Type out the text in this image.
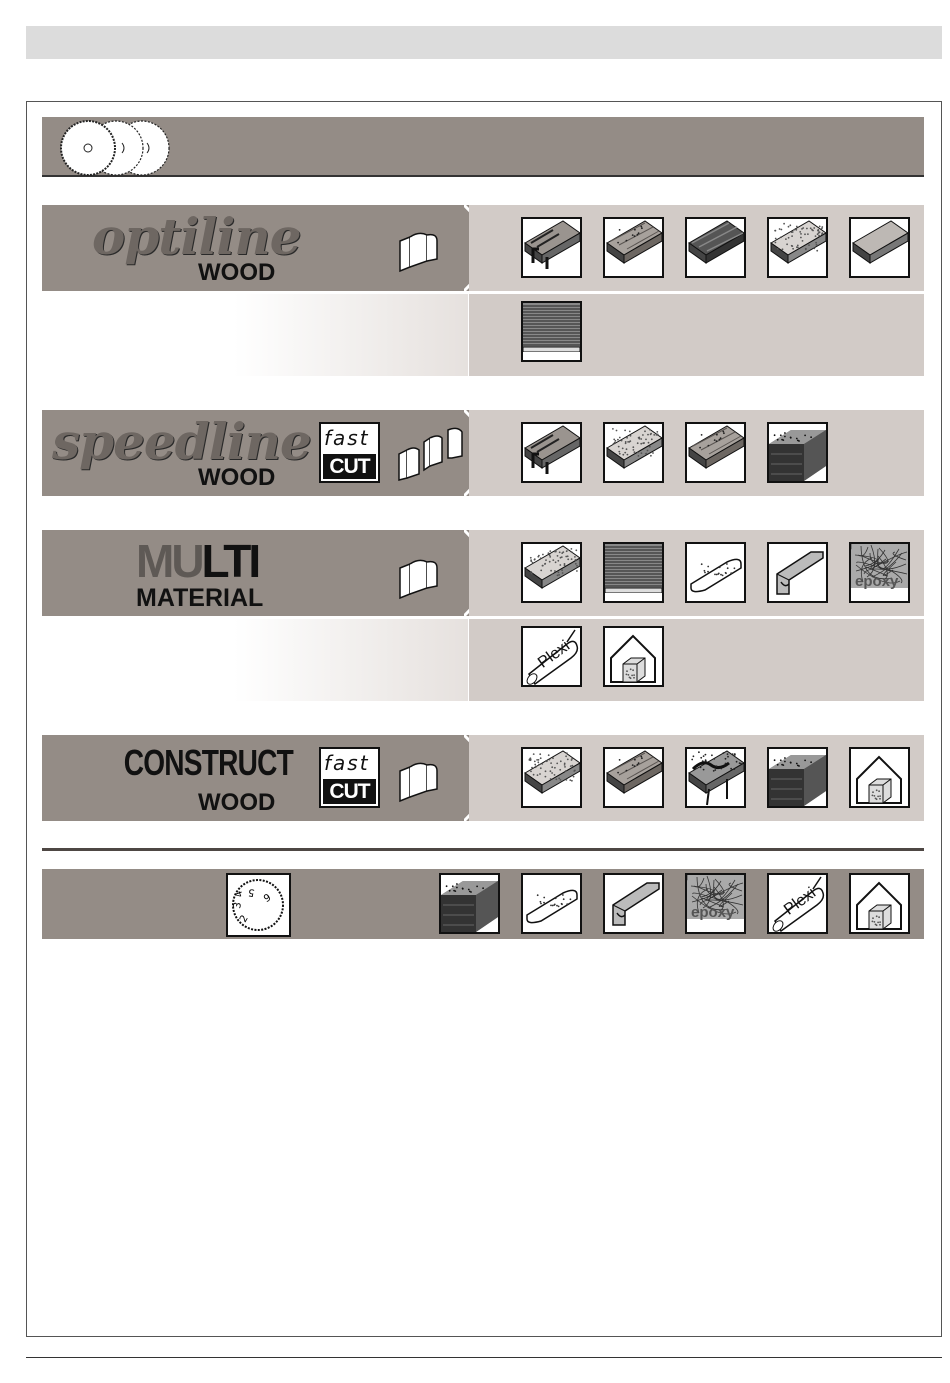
optiline
WOOD
speedline
WOOD
fast
CUT
MULTI
MATERIAL
CONSTRUCT
WOOD
fast
CUT
2
3
4 5 6
epoxy
Plexi
epoxy	Plexi
